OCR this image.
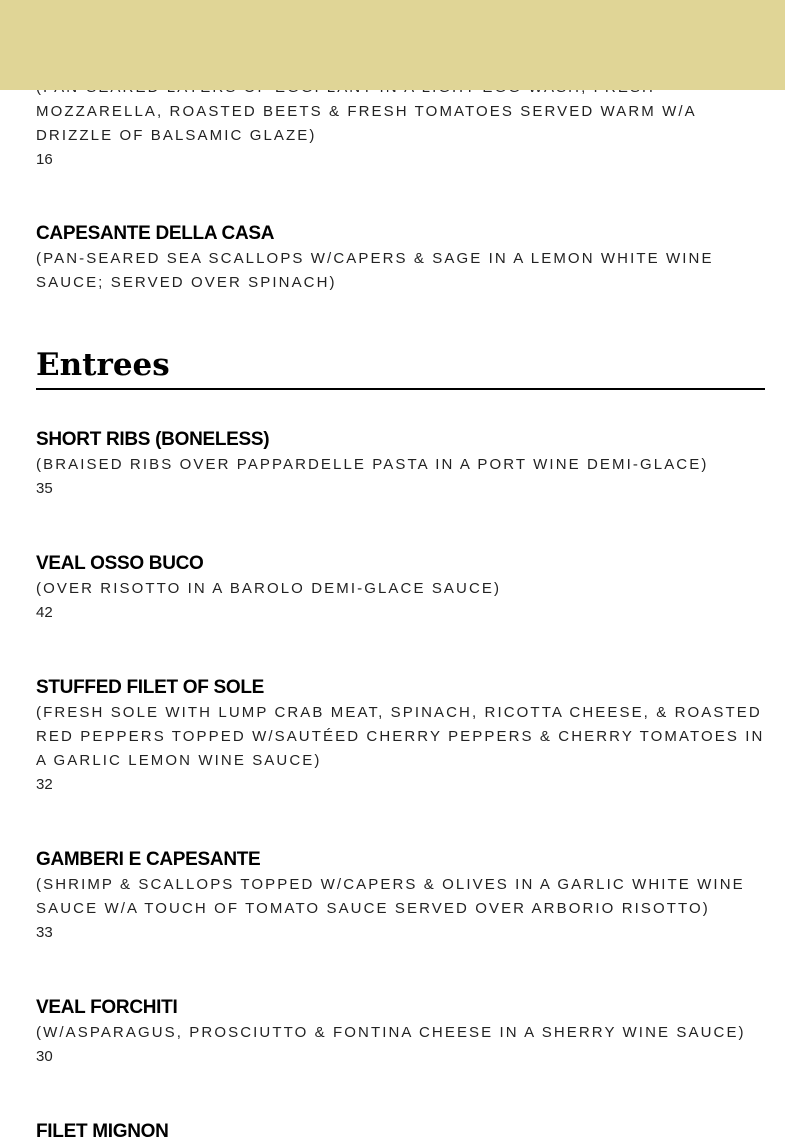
MOZZARELLA, ROASTED BEETS & FRESH TOMATOES SERVED WARM W/A

DRIZZLE OF BALSAMIC GLAZE)

16

CAPESANTE DELLA CASA

(PAN-SEARED SEA SCALLOPS W/CAPERS & SAGE IN A LEMON WHITE WINE

SAUCE; SERVED OVER SPINACH)

Entrees

SHORT RIBS (BONELESS)

(BRAISED RIBS OVER PAPPARDELLE PASTA IN A PORT WINE DEMI-GLACE)

35

VEAL OSSO BUCO

(OVER RISOTTO IN A BAROLO DEMI-GLACE SAUCE)

42

STUFFED FILET OF SOLE

(FRESH SOLE WITH LUMP CRAB MEAT, SPINACH, RICOTTA CHEESE, & ROASTED

RED PEPPERS TOPPED W/SAUTÉED CHERRY PEPPERS & CHERRY TOMATOES IN

A GARLIC LEMON WINE SAUCE)

32

GAMBERI E CAPESANTE

(SHRIMP & SCALLOPS TOPPED W/CAPERS & OLIVES IN A GARLIC WHITE WINE

SAUCE W/A TOUCH OF TOMATO SAUCE SERVED OVER ARBORIO RISOTTO)

33

VEAL FORCHITI

(W/ASPARAGUS, PROSCIUTTO & FONTINA CHEESE IN A SHERRY WINE SAUCE)

30

FILET MIGNON
